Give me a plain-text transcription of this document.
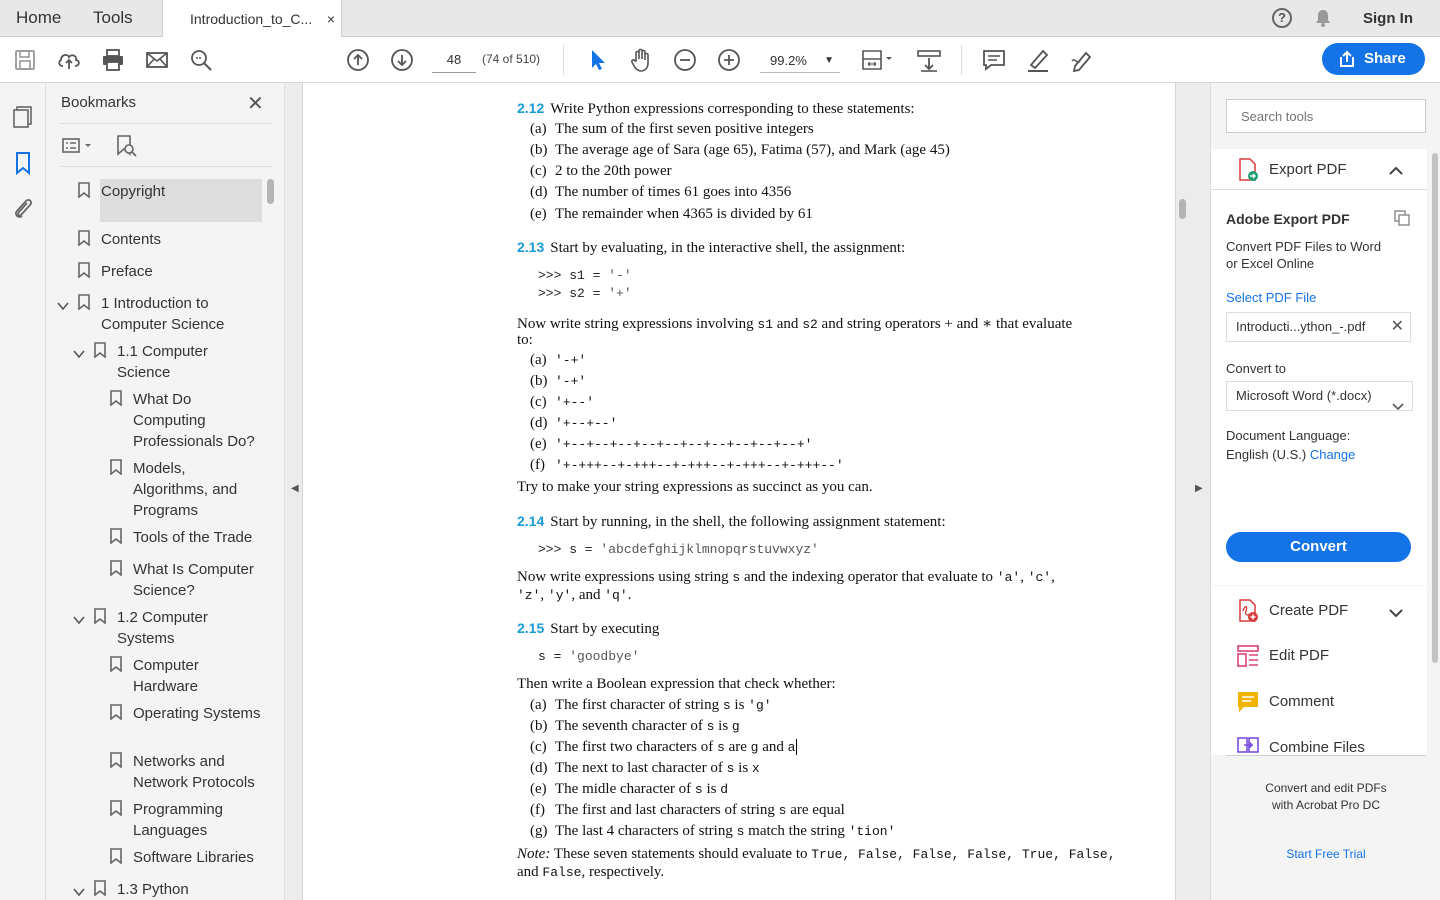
Home Tools	Introduction_to_C... ×	?	Sign In
48
(74 of 510)	99.2% ▼	Share
Bookmarks	✕
Copyright
Contents
Preface
1 Introduction to
Computer Science
1.1 Computer
Science
What Do
Computing
Professionals Do?
Models,
Algorithms, and
Programs
Tools of the Trade
What Is Computer
Science?
1.2 Computer
Systems
Computer
Hardware
Operating Systems
Networks and
Network Protocols
Programming
Languages
Software Libraries
1.3 Python
◀	▶
2.12 Write Python expressions corresponding to these statements:
(a) The sum of the first seven positive integers
(b) The average age of Sara (age 65), Fatima (57), and Mark (age 45)
(c) 2 to the 20th power
(d) The number of times 61 goes into 4356
(e) The remainder when 4365 is divided by 61
2.13 Start by evaluating, in the interactive shell, the assignment:
>>> s1 = '-'
>>> s2 = '+'
Now write string expressions involving s1 and s2 and string operators + and ∗ that evaluate
to:
(a) '-+'
(b) '-+'
(c) '+--'
(d) '+--+--'
(e) '+--+--+--+--+--+--+--+--+--+--+'
(f) '+-+++--+-+++--+-+++--+-+++--+-+++--'
Try to make your string expressions as succinct as you can.
2.14 Start by running, in the shell, the following assignment statement:
>>> s = 'abcdefghijklmnopqrstuvwxyz'
Now write expressions using string s and the indexing operator that evaluate to 'a', 'c',
'z', 'y', and 'q'.
2.15 Start by executing
s = 'goodbye'
Then write a Boolean expression that check whether:
(a) The first character of string s is 'g'
(b) The seventh character of s is g
(c) The first two characters of s are g and a
(d) The next to last character of s is x
(e) The midle character of s is d
(f) The first and last characters of string s are equal
(g) The last 4 characters of string s match the string 'tion'
Note: These seven statements should evaluate to True, False, False, False, True, False,
and False, respectively.
Search tools
Export PDF
Adobe Export PDF
Convert PDF Files to Word
or Excel Online
Select PDF File
Introducti...ython_-.pdf ✕
Convert to
Microsoft Word (*.docx)
Document Language:
English (U.S.) Change
Convert
Create PDF
Edit PDF
Comment
Combine Files
Convert and edit PDFs
with Acrobat Pro DC
Start Free Trial
